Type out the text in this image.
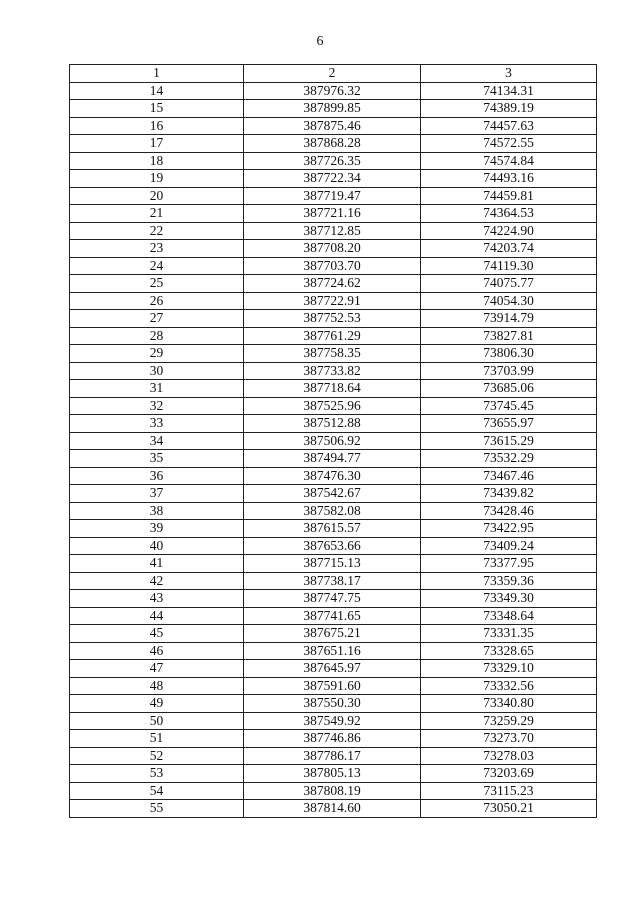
6
1	2	3
14	387976.32	74134.31
15	387899.85	74389.19
16	387875.46	74457.63
17	387868.28	74572.55
18	387726.35	74574.84
19	387722.34	74493.16
20	387719.47	74459.81
21	387721.16	74364.53
22	387712.85	74224.90
23	387708.20	74203.74
24	387703.70	74119.30
25	387724.62	74075.77
26	387722.91	74054.30
27	387752.53	73914.79
28	387761.29	73827.81
29	387758.35	73806.30
30	387733.82	73703.99
31	387718.64	73685.06
32	387525.96	73745.45
33	387512.88	73655.97
34	387506.92	73615.29
35	387494.77	73532.29
36	387476.30	73467.46
37	387542.67	73439.82
38	387582.08	73428.46
39	387615.57	73422.95
40	387653.66	73409.24
41	387715.13	73377.95
42	387738.17	73359.36
43	387747.75	73349.30
44	387741.65	73348.64
45	387675.21	73331.35
46	387651.16	73328.65
47	387645.97	73329.10
48	387591.60	73332.56
49	387550.30	73340.80
50	387549.92	73259.29
51	387746.86	73273.70
52	387786.17	73278.03
53	387805.13	73203.69
54	387808.19	73115.23
55	387814.60	73050.21
